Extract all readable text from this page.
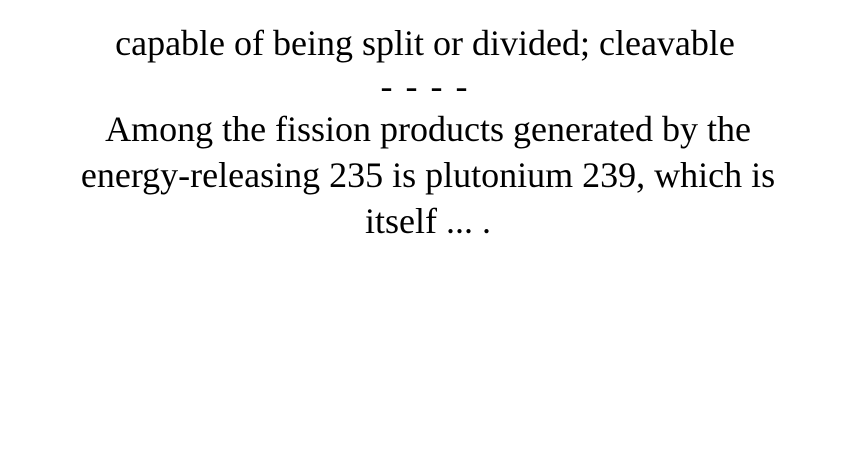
capable of being split or divided; cleavable
- - - -
Among the fission products generated by the energy-releasing 235 is plutonium 239, which is itself ... .
